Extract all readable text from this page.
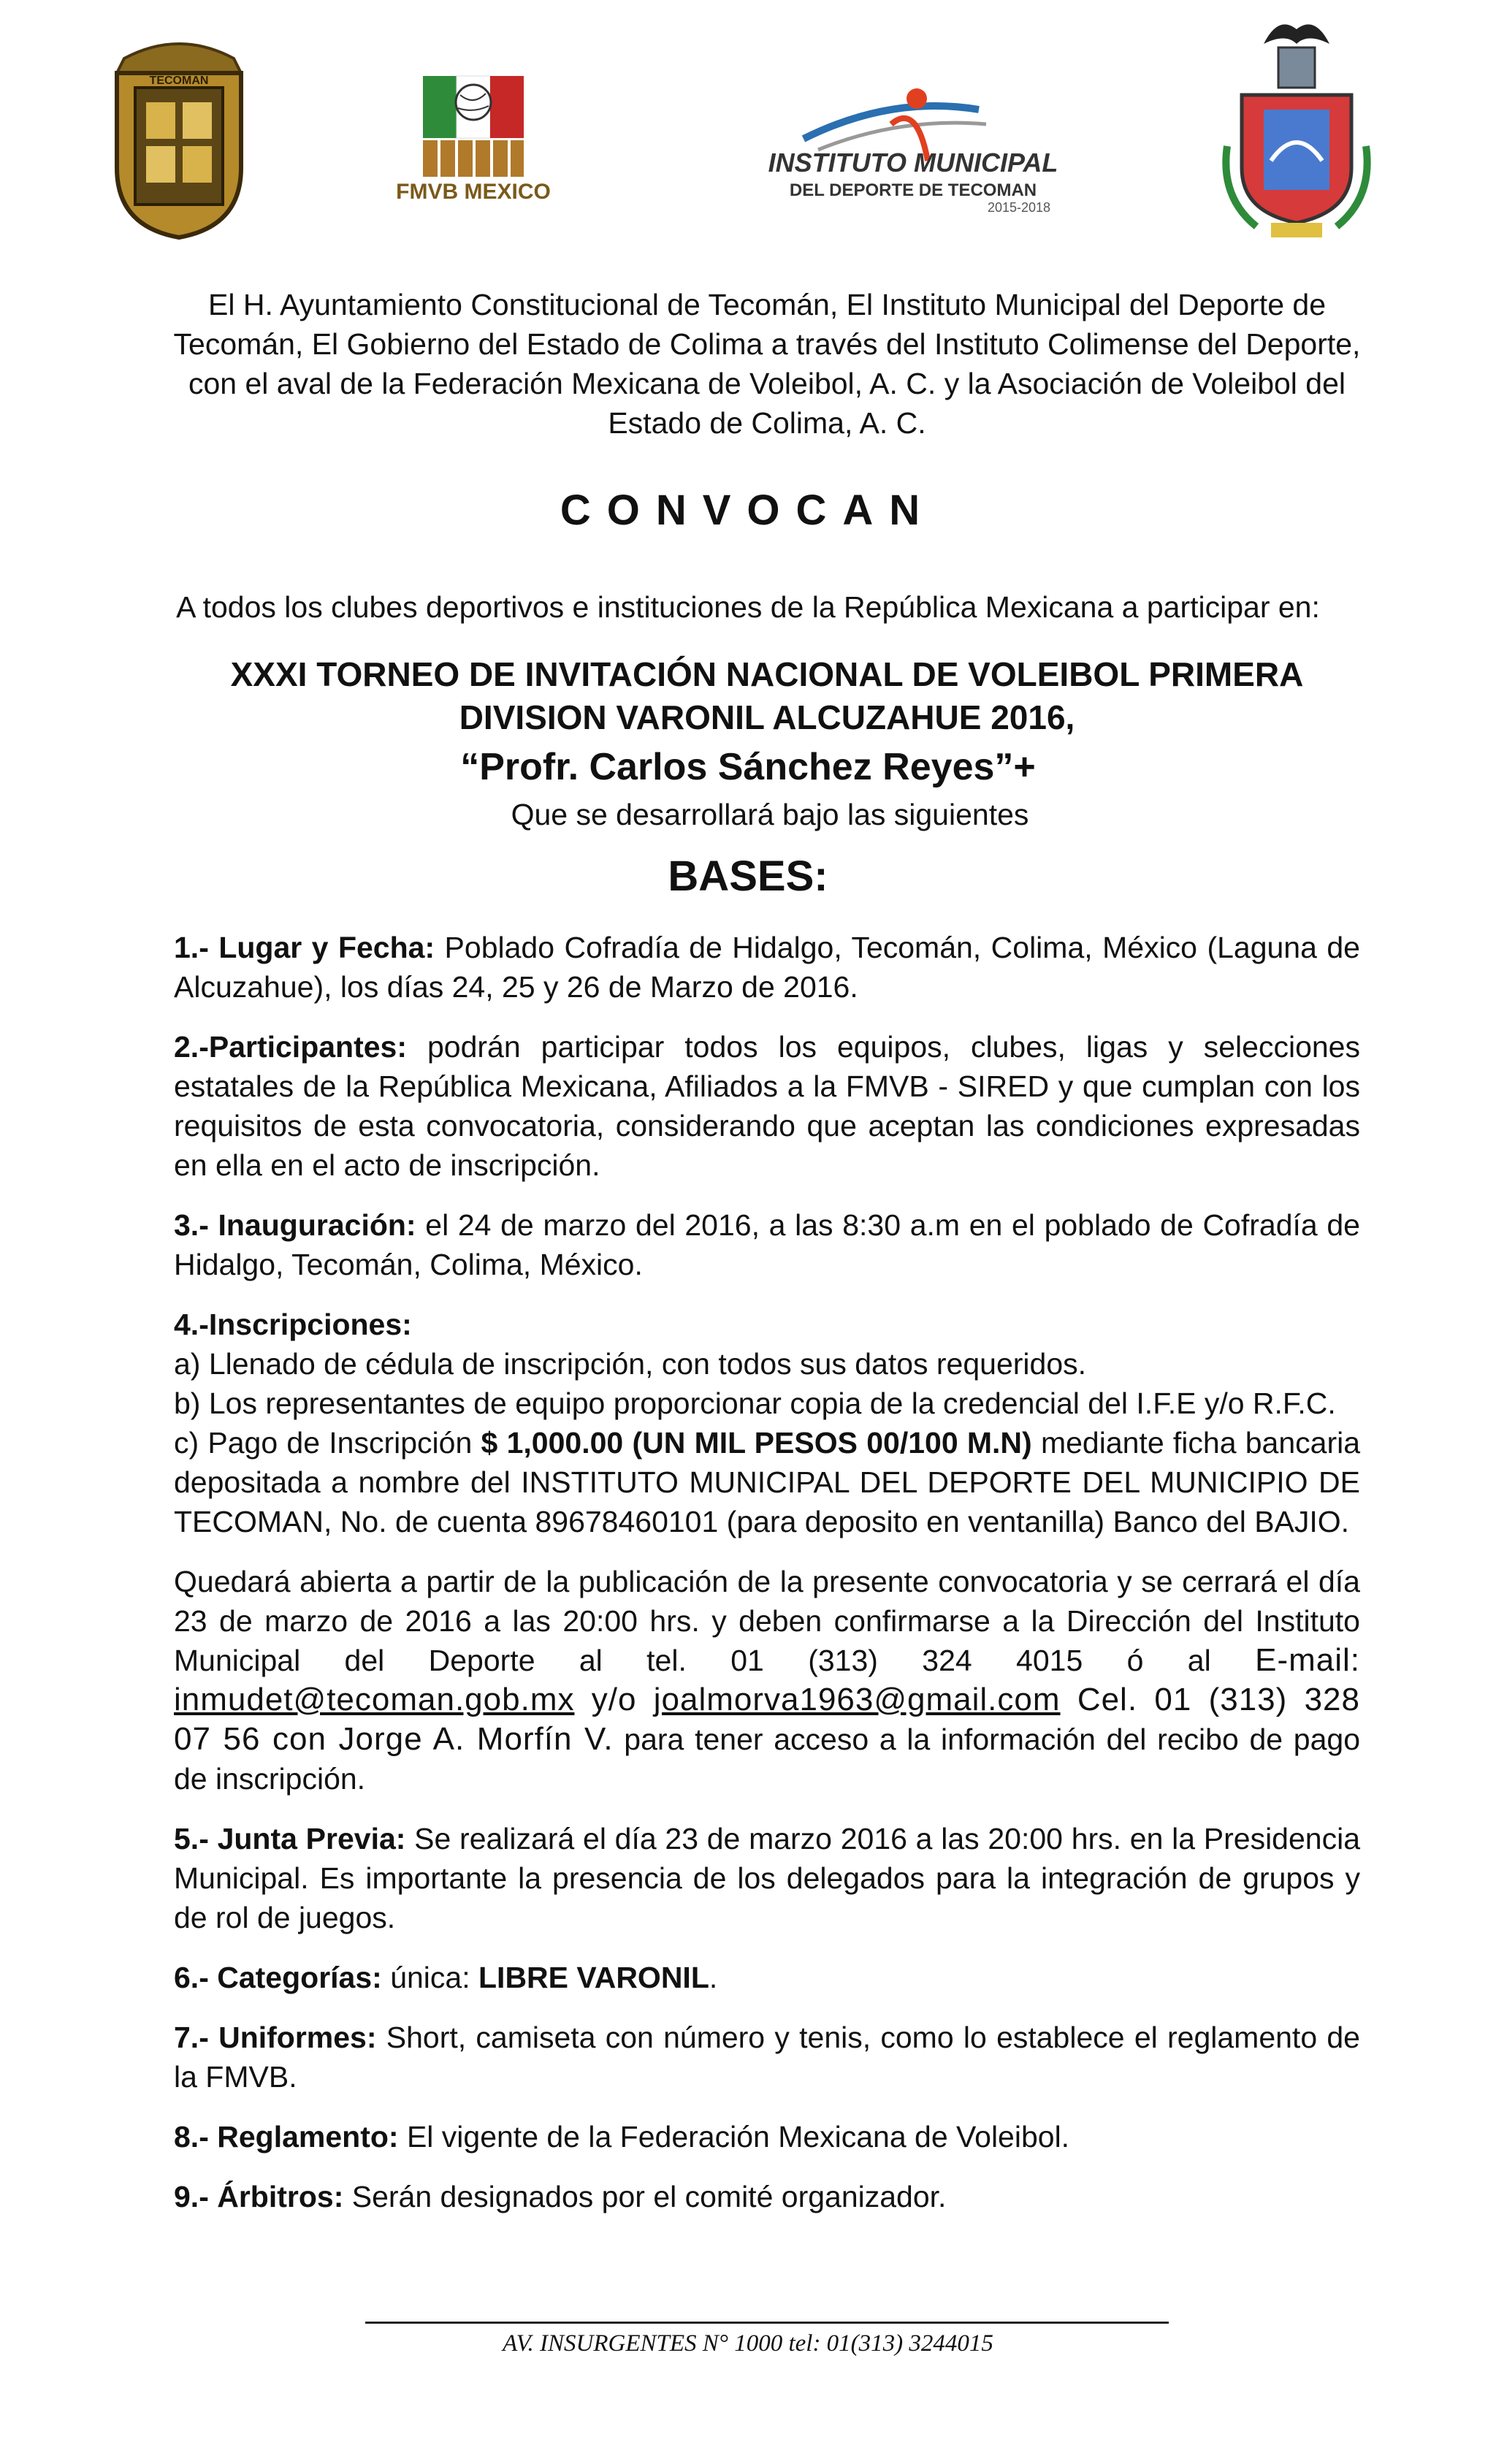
TECOMAN
FMVB MEXICO
INSTITUTO MUNICIPAL
DEL DEPORTE DE TECOMAN
2015-2018
El H. Ayuntamiento Constitucional de Tecomán, El Instituto Municipal del Deporte de Tecomán, El Gobierno del Estado de Colima a través del Instituto Colimense del Deporte, con el aval de la Federación Mexicana de Voleibol, A. C. y la Asociación de Voleibol del Estado de Colima, A. C.
CONVOCAN
A todos los clubes deportivos e instituciones de la República Mexicana a participar en:
XXXI TORNEO DE INVITACIÓN NACIONAL DE VOLEIBOL PRIMERA
DIVISION VARONIL ALCUZAHUE 2016,
“Profr. Carlos Sánchez Reyes”+
Que se desarrollará bajo las siguientes
BASES:

1.- Lugar y Fecha: Poblado Cofradía de Hidalgo, Tecomán, Colima, México (Laguna de Alcuzahue), los días 24, 25 y 26 de Marzo de 2016.

2.-Participantes: podrán participar todos los equipos, clubes, ligas y selecciones estatales de la República Mexicana, Afiliados a la FMVB - SIRED y que cumplan con los requisitos de esta convocatoria, considerando que aceptan las condiciones expresadas en ella en el acto de inscripción.

3.- Inauguración: el 24 de marzo del 2016, a las 8:30 a.m en el poblado de Cofradía de Hidalgo, Tecomán, Colima, México.

4.-Inscripciones:

a) Llenado de cédula de inscripción, con todos sus datos requeridos.

b) Los representantes de equipo proporcionar copia de la credencial del I.F.E y/o R.F.C.

c) Pago de Inscripción $ 1,000.00 (UN MIL PESOS 00/100 M.N) mediante ficha bancaria depositada a nombre del INSTITUTO MUNICIPAL DEL DEPORTE DEL MUNICIPIO DE TECOMAN, No. de cuenta 89678460101 (para deposito en ventanilla) Banco del BAJIO.

Quedará abierta a partir de la publicación de la presente convocatoria y se cerrará el día 23 de marzo de 2016 a las 20:00 hrs. y deben confirmarse a la Dirección del Instituto Municipal del Deporte al tel. 01 (313) 324 4015 ó al E-mail: inmudet@tecoman.gob.mx y/o joalmorva1963@gmail.com Cel. 01 (313) 328 07 56 con Jorge A. Morfín V. para tener acceso a la información del recibo de pago de inscripción.

5.- Junta Previa: Se realizará el día 23 de marzo 2016 a las 20:00 hrs. en la Presidencia Municipal. Es importante la presencia de los delegados para la integración de grupos y de rol de juegos.

6.- Categorías: única: LIBRE VARONIL.

7.- Uniformes: Short, camiseta con número y tenis, como lo establece el reglamento de la FMVB.

8.- Reglamento: El vigente de la Federación Mexicana de Voleibol.

9.- Árbitros: Serán designados por el comité organizador.

AV. INSURGENTES N° 1000 tel: 01(313) 3244015
